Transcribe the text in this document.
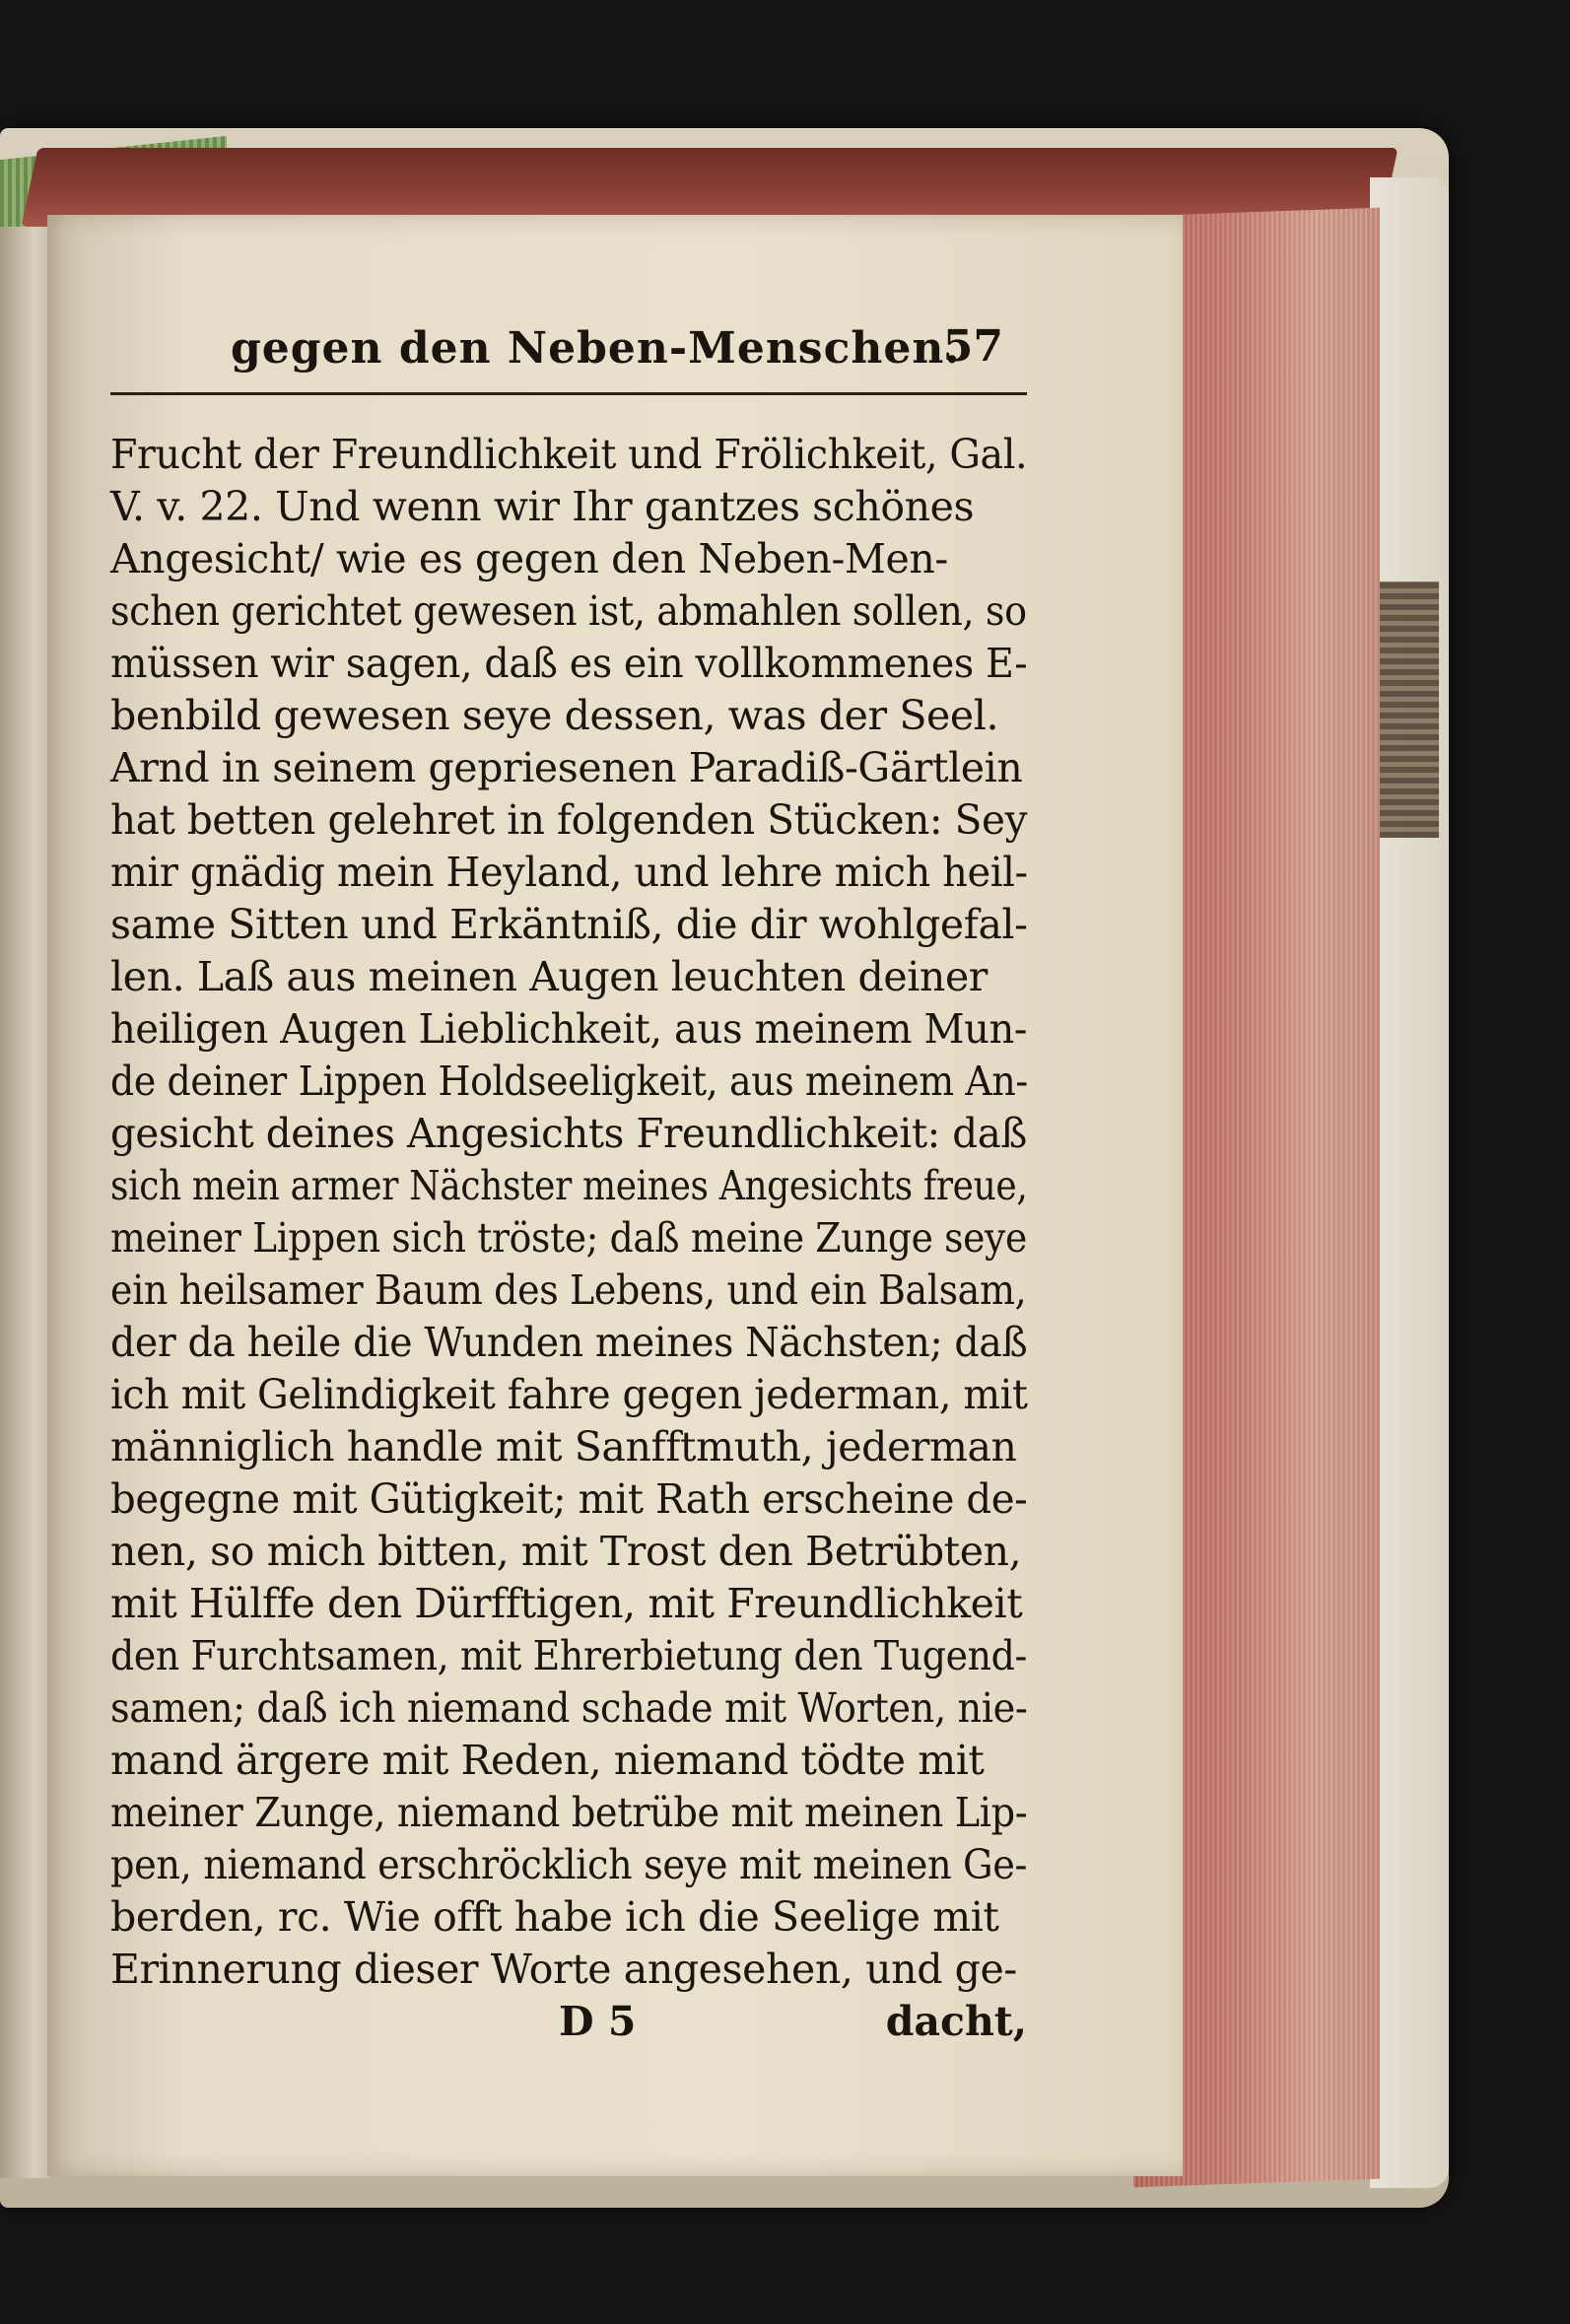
gegen den Neben-Menschen.
57
Frucht der Freundlichkeit und Frölichkeit, Gal.
V. v. 22. Und wenn wir Ihr gantzes schönes
Angesicht/ wie es gegen den Neben-Men-
schen gerichtet gewesen ist, abmahlen sollen, so
müssen wir sagen, daß es ein vollkommenes E-
benbild gewesen seye dessen, was der Seel.
Arnd in seinem gepriesenen Paradiß-Gärtlein
hat betten gelehret in folgenden Stücken: Sey
mir gnädig mein Heyland, und lehre mich heil-
same Sitten und Erkäntniß, die dir wohlgefal-
len. Laß aus meinen Augen leuchten deiner
heiligen Augen Lieblichkeit, aus meinem Mun-
de deiner Lippen Holdseeligkeit, aus meinem An-
gesicht deines Angesichts Freundlichkeit: daß
sich mein armer Nächster meines Angesichts freue,
meiner Lippen sich tröste; daß meine Zunge seye
ein heilsamer Baum des Lebens, und ein Balsam,
der da heile die Wunden meines Nächsten; daß
ich mit Gelindigkeit fahre gegen jederman, mit
männiglich handle mit Sanfftmuth, jederman
begegne mit Gütigkeit; mit Rath erscheine de-
nen, so mich bitten, mit Trost den Betrübten,
mit Hülffe den Dürfftigen, mit Freundlichkeit
den Furchtsamen, mit Ehrerbietung den Tugend-
samen; daß ich niemand schade mit Worten, nie-
mand ärgere mit Reden, niemand tödte mit
meiner Zunge, niemand betrübe mit meinen Lip-
pen, niemand erschröcklich seye mit meinen Ge-
berden, rc. Wie offt habe ich die Seelige mit
Erinnerung dieser Worte angesehen, und ge-
D 5	dacht,
